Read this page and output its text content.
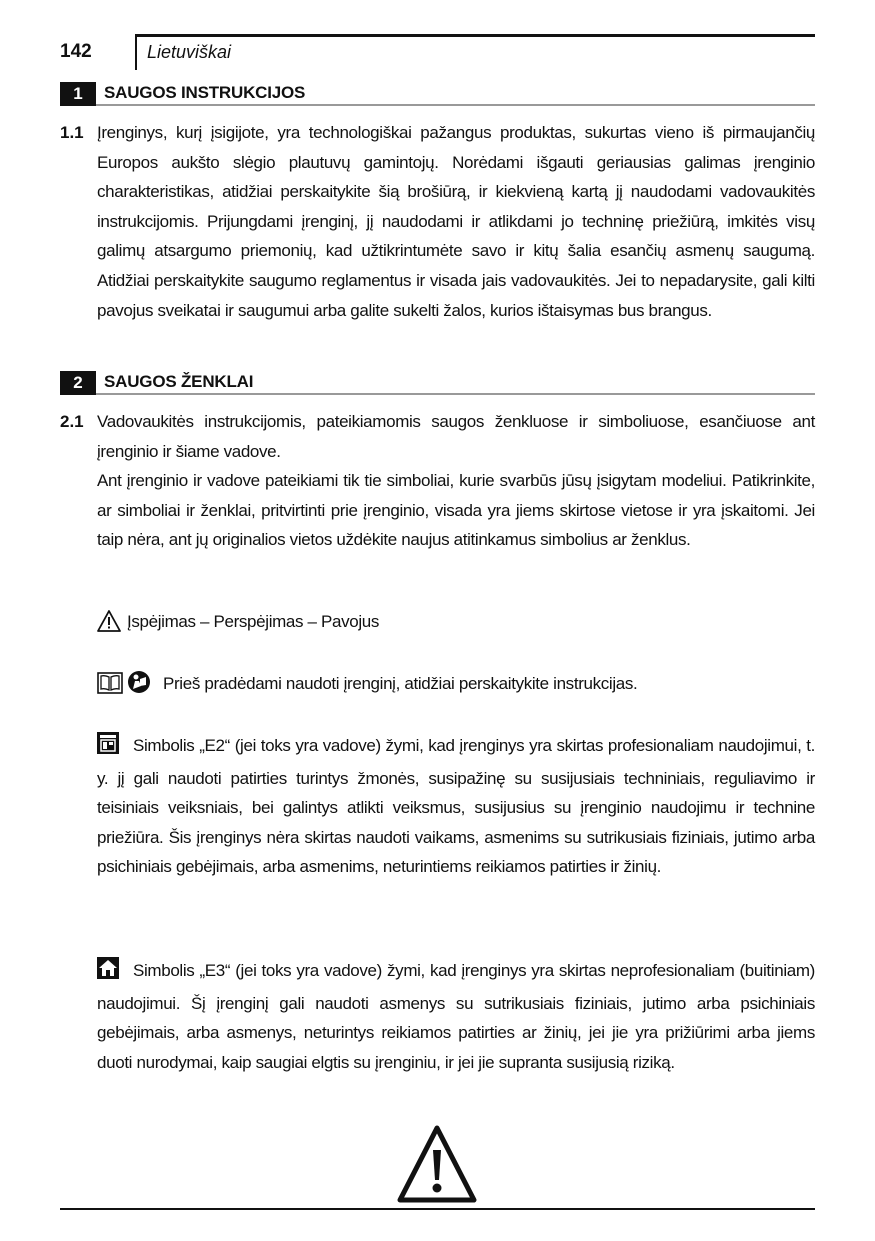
142	Lietuviškai
1	SAUGOS INSTRUKCIJOS
1.1 Įrenginys, kurį įsigijote, yra technologiškai pažangus produktas, sukurtas vieno iš pirmaujančių Europos aukšto slėgio plautuvų gamintojų. Norėdami išgauti geriausias galimas įrenginio charakteristikas, atidžiai perskaitykite šią brošiūrą, ir kiekvieną kartą jį naudodami vadovaukitės instrukcijomis. Prijungdami įrenginį, jį naudodami ir atlikdami jo techninę priežiūrą, imkitės visų galimų atsargumo priemonių, kad užtikrintumėte savo ir kitų šalia esančių asmenų saugumą. Atidžiai perskaitykite saugumo reglamentus ir visada jais vadovaukitės. Jei to nepadarysite, gali kilti pavojus sveikatai ir saugumui arba galite sukelti žalos, kurios ištaisymas bus brangus.
2	SAUGOS ŽENKLAI
2.1 Vadovaukitės instrukcijomis, pateikiamomis saugos ženkluose ir simboliuose, esančiuose ant įrenginio ir šiame vadove.
Ant įrenginio ir vadove pateikiami tik tie simboliai, kurie svarbūs jūsų įsigytam modeliui. Patikrinkite, ar simboliai ir ženklai, pritvirtinti prie įrenginio, visada yra jiems skirtose vietose ir yra įskaitomi. Jei taip nėra, ant jų originalios vietos uždėkite naujus atitinkamus simbolius ar ženklus.
Įspėjimas – Perspėjimas – Pavojus
Prieš pradėdami naudoti įrenginį, atidžiai perskaitykite instrukcijas.
Simbolis „E2“ (jei toks yra vadove) žymi, kad įrenginys yra skirtas profesionaliam naudojimui, t. y. jį gali naudoti patirties turintys žmonės, susipažinę su susijusiais techniniais, reguliavimo ir teisiniais veiksniais, bei galintys atlikti veiksmus, susijusius su įrenginio naudojimu ir technine priežiūra. Šis įrenginys nėra skirtas naudoti vaikams, asmenims su sutrikusiais fiziniais, jutimo arba psichiniais gebėjimais, arba asmenims, neturintiems reikiamos patirties ir žinių.
Simbolis „E3“ (jei toks yra vadove) žymi, kad įrenginys yra skirtas neprofesionaliam (buitiniam) naudojimui. Šį įrenginį gali naudoti asmenys su sutrikusiais fiziniais, jutimo arba psichiniais gebėjimais, arba asmenys, neturintys reikiamos patirties ar žinių, jei jie yra prižiūrimi arba jiems duoti nurodymai, kaip saugiai elgtis su įrenginiu, ir jei jie supranta susijusią riziką.
